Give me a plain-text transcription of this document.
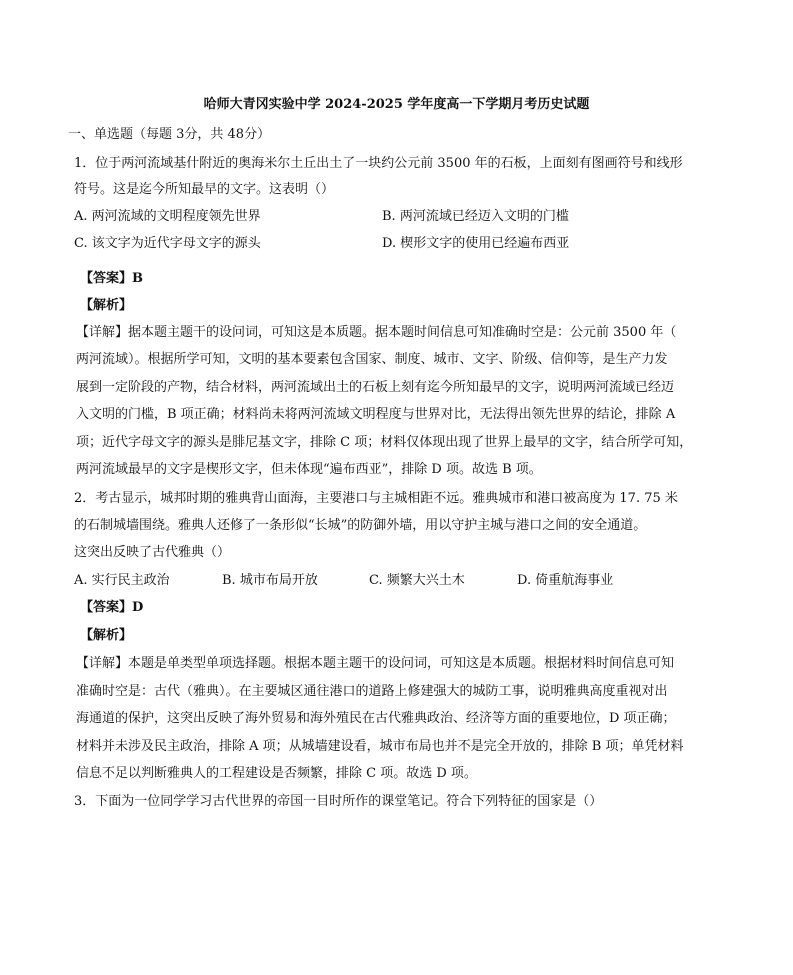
哈师大青冈实验中学 2024-2025 学年度高一下学期月考历史试题
一、单选题（每题 3分，共 48分）
1．位于两河流域基什附近的奥海米尔土丘出土了一块约公元前 3500 年的石板，上面刻有图画符号和线形
符号。这是迄今所知最早的文字。这表明（）
A. 两河流域的文明程度领先世界	B. 两河流域已经迈入文明的门槛
C. 该文字为近代字母文字的源头	D. 楔形文字的使用已经遍布西亚
【答案】B
【解析】
【详解】据本题主题干的设问词，可知这是本质题。据本题时间信息可知准确时空是：公元前 3500 年（
两河流域）。根据所学可知，文明的基本要素包含国家、制度、城市、文字、阶级、信仰等，是生产力发
展到一定阶段的产物，结合材料，两河流域出土的石板上刻有迄今所知最早的文字，说明两河流域已经迈
入文明的门槛，B 项正确；材料尚未将两河流域文明程度与世界对比，无法得出领先世界的结论，排除 A
项；近代字母文字的源头是腓尼基文字，排除 C 项；材料仅体现出现了世界上最早的文字，结合所学可知，
两河流域最早的文字是楔形文字，但未体现“遍布西亚”，排除 D 项。故选 B 项。
2．考古显示，城邦时期的雅典背山面海，主要港口与主城相距不远。雅典城市和港口被高度为 17. 75 米
的石制城墙围绕。雅典人还修了一条形似“长城”的防御外墙，用以守护主城与港口之间的安全通道。
这突出反映了古代雅典（）
A. 实行民主政治	B. 城市布局开放	C. 频繁大兴土木	D. 倚重航海事业
【答案】D
【解析】
【详解】本题是单类型单项选择题。根据本题主题干的设问词，可知这是本质题。根据材料时间信息可知
准确时空是：古代（雅典）。在主要城区通往港口的道路上修建强大的城防工事，说明雅典高度重视对出
海通道的保护，这突出反映了海外贸易和海外殖民在古代雅典政治、经济等方面的重要地位，D 项正确；
材料并未涉及民主政治，排除 A 项；从城墙建设看，城市布局也并不是完全开放的，排除 B 项；单凭材料
信息不足以判断雅典人的工程建设是否频繁，排除 C 项。故选 D 项。
3．下面为一位同学学习古代世界的帝国一目时所作的课堂笔记。符合下列特征的国家是（）
